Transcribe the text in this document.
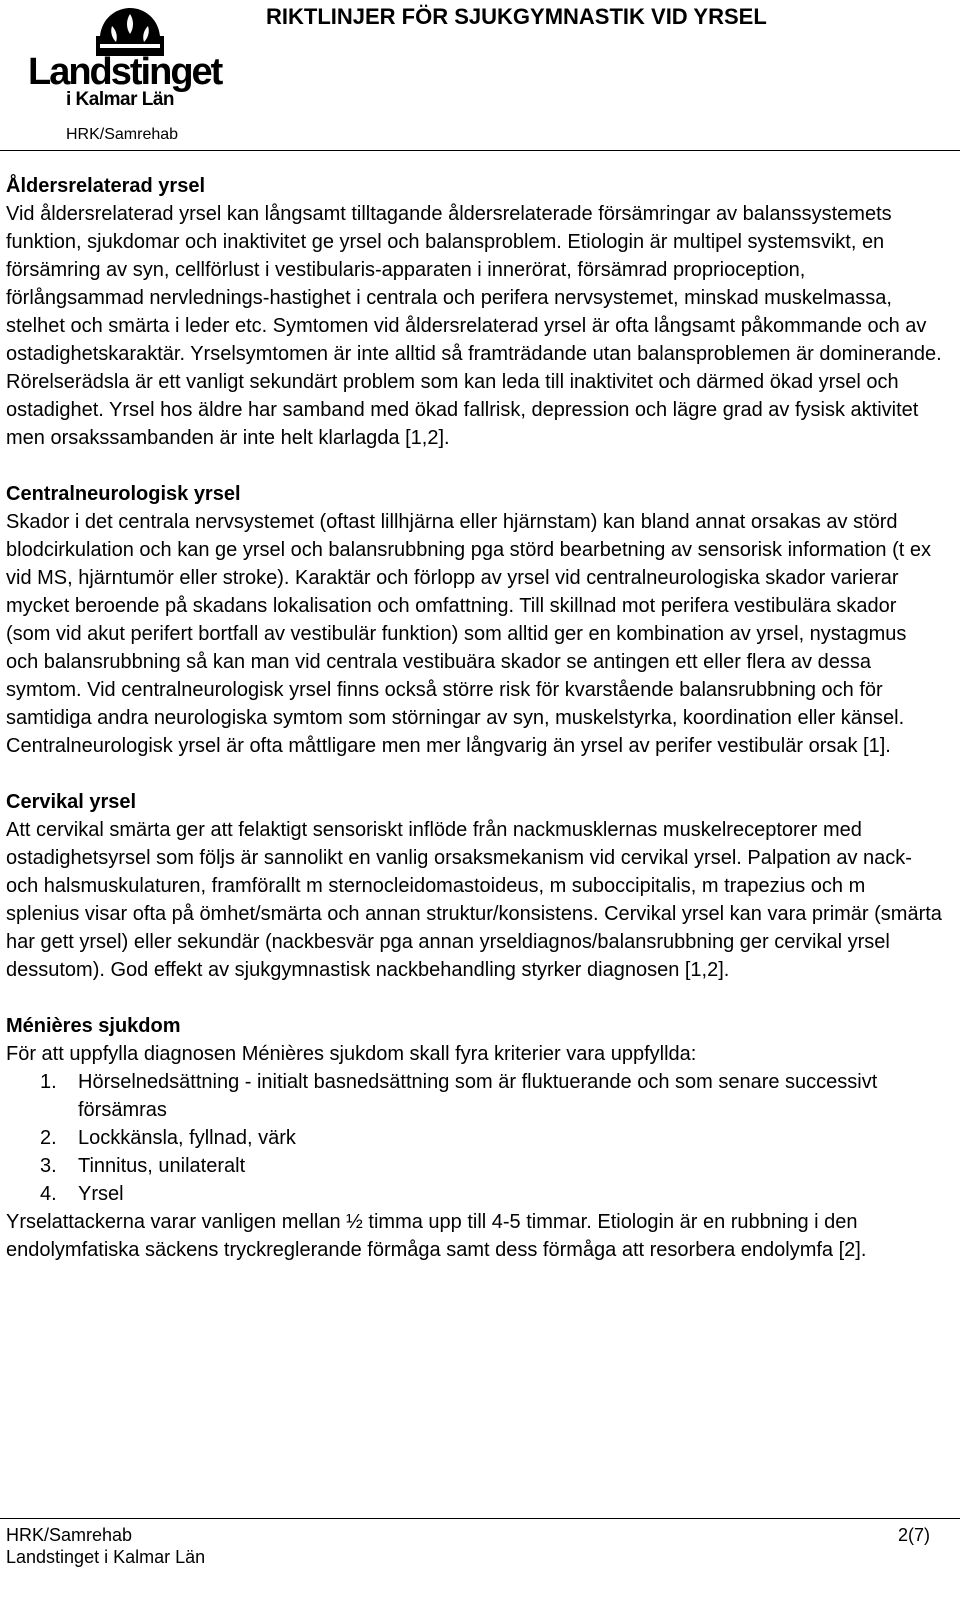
Landstinget
i Kalmar Län
RIKTLINJER FÖR SJUKGYMNASTIK VID YRSEL
HRK/Samrehab

Åldersrelaterad yrsel

Vid åldersrelaterad yrsel kan långsamt tilltagande åldersrelaterade försämringar av balanssystemets funktion, sjukdomar och inaktivitet ge yrsel och balansproblem. Etiologin är multipel systemsvikt, en försämring av syn, cellförlust i vestibularis-apparaten i innerörat, försämrad proprioception, förlångsammad nervlednings-hastighet i centrala och perifera nervsystemet, minskad muskelmassa, stelhet och smärta i leder etc. Symtomen vid åldersrelaterad yrsel är ofta långsamt påkommande och av ostadighetskaraktär. Yrselsymtomen är inte alltid så framträdande utan balansproblemen är dominerande. Rörelserädsla är ett vanligt sekundärt problem som kan leda till inaktivitet och därmed ökad yrsel och ostadighet. Yrsel hos äldre har samband med ökad fallrisk, depression och lägre grad av fysisk aktivitet men orsakssambanden är inte helt klarlagda [1,2].

Centralneurologisk yrsel

Skador i det centrala nervsystemet (oftast lillhjärna eller hjärnstam) kan bland annat orsakas av störd blodcirkulation och kan ge yrsel och balansrubbning pga störd bearbetning av sensorisk information (t ex vid MS, hjärntumör eller stroke). Karaktär och förlopp av yrsel vid centralneurologiska skador varierar mycket beroende på skadans lokalisation och omfattning. Till skillnad mot perifera vestibulära skador (som vid akut perifert bortfall av vestibulär funktion) som alltid ger en kombination av yrsel, nystagmus och balansrubbning så kan man vid centrala vestibuära skador se antingen ett eller flera av dessa symtom. Vid centralneurologisk yrsel finns också större risk för kvarstående balansrubbning och för samtidiga andra neurologiska symtom som störningar av syn, muskelstyrka, koordination eller känsel. Centralneurologisk yrsel är ofta måttligare men mer långvarig än yrsel av perifer vestibulär orsak [1].

Cervikal yrsel

Att cervikal smärta ger att felaktigt sensoriskt inflöde från nackmusklernas muskelreceptorer med ostadighetsyrsel som följs är sannolikt en vanlig orsaksmekanism vid cervikal yrsel. Palpation av nack- och halsmuskulaturen, framförallt m sternocleidomastoideus, m suboccipitalis, m trapezius och m splenius visar ofta på ömhet/smärta och annan struktur/konsistens. Cervikal yrsel kan vara primär (smärta har gett yrsel) eller sekundär (nackbesvär pga annan yrseldiagnos/balansrubbning ger cervikal yrsel dessutom). God effekt av sjukgymnastisk nackbehandling styrker diagnosen [1,2].

Ménières sjukdom

För att uppfylla diagnosen Ménières sjukdom skall fyra kriterier vara uppfyllda:

1. Hörselnedsättning - initialt basnedsättning som är fluktuerande och som senare successivt försämras
2. Lockkänsla, fyllnad, värk
3. Tinnitus, unilateralt
4. Yrsel

Yrselattackerna varar vanligen mellan ½ timma upp till 4-5 timmar. Etiologin är en rubbning i den endolymfatiska säckens tryckreglerande förmåga samt dess förmåga att resorbera endolymfa [2].

HRK/Samrehab
Landstinget i Kalmar Län
2(7)
